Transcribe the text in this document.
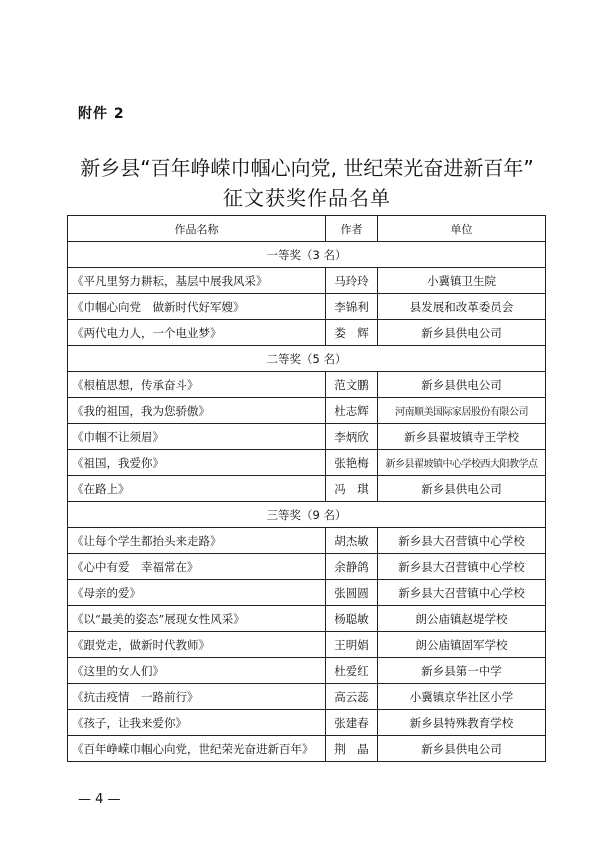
附件 2
新乡县“百年峥嵘巾帼心向党, 世纪荣光奋进新百年”
征文获奖作品名单
作品名称	作者	单位
一等奖（3 名）		
《平凡里努力耕耘，基层中展我风采》	马玲玲	小冀镇卫生院
《巾帼心向党　做新时代好军嫂》	李锦利	县发展和改革委员会
《两代电力人，一个电业梦》	娄　辉	新乡县供电公司
二等奖（5 名）		
《根植思想，传承奋斗》	范文鹏	新乡县供电公司
《我的祖国，我为您骄傲》	杜志辉	河南顺美国际家居股份有限公司
《巾帼不让须眉》	李炳欣	新乡县翟坡镇寺王学校
《祖国，我爱你》	张艳梅	新乡县翟坡镇中心学校西大阳教学点
《在路上》	冯　琪	新乡县供电公司
三等奖（9 名）		
《让每个学生都抬头来走路》	胡杰敏	新乡县大召营镇中心学校
《心中有爱　幸福常在》	余静鸽	新乡县大召营镇中心学校
《母亲的爱》	张圆圆	新乡县大召营镇中心学校
《以“最美的姿态”展现女性风采》	杨聪敏	朗公庙镇赵堤学校
《跟党走，做新时代教师》	王明娟	朗公庙镇固军学校
《这里的女人们》	杜爱红	新乡县第一中学
《抗击疫情　一路前行》	高云蕊	小冀镇京华社区小学
《孩子，让我来爱你》	张建春	新乡县特殊教育学校
《百年峥嵘巾帼心向党，世纪荣光奋进新百年》	荆　晶	新乡县供电公司
— 4 —
